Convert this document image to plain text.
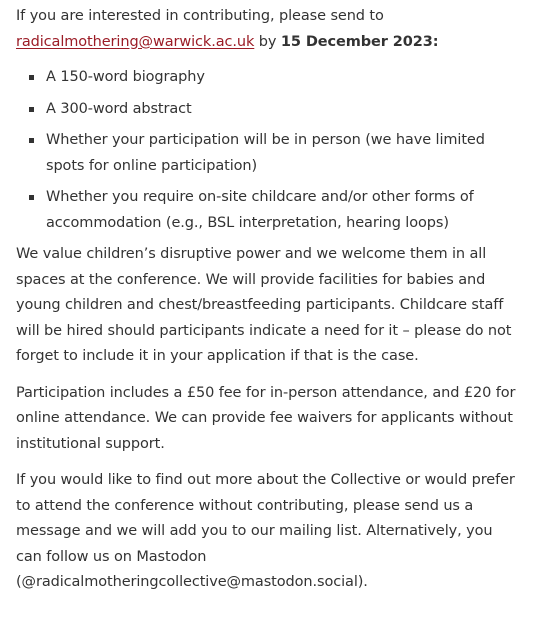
If you are interested in contributing, please send to
radicalmothering@warwick.ac.uk by 15 December 2023:

A 150-word biography
A 300-word abstract
Whether your participation will be in person (we have limited spots for online participation)
Whether you require on-site childcare and/or other forms of accommodation (e.g., BSL interpretation, hearing loops)

We value children’s disruptive power and we welcome them in all spaces at the conference. We will provide facilities for babies and young children and chest/breastfeeding participants. Childcare staff will be hired should participants indicate a need for it – please do not forget to include it in your application if that is the case.

Participation includes a £50 fee for in-person attendance, and £20 for online attendance. We can provide fee waivers for applicants without institutional support.

If you would like to find out more about the Collective or would prefer to attend the conference without contributing, please send us a message and we will add you to our mailing list. Alternatively, you can follow us on Mastodon (@radicalmotheringcollective@mastodon.social).
